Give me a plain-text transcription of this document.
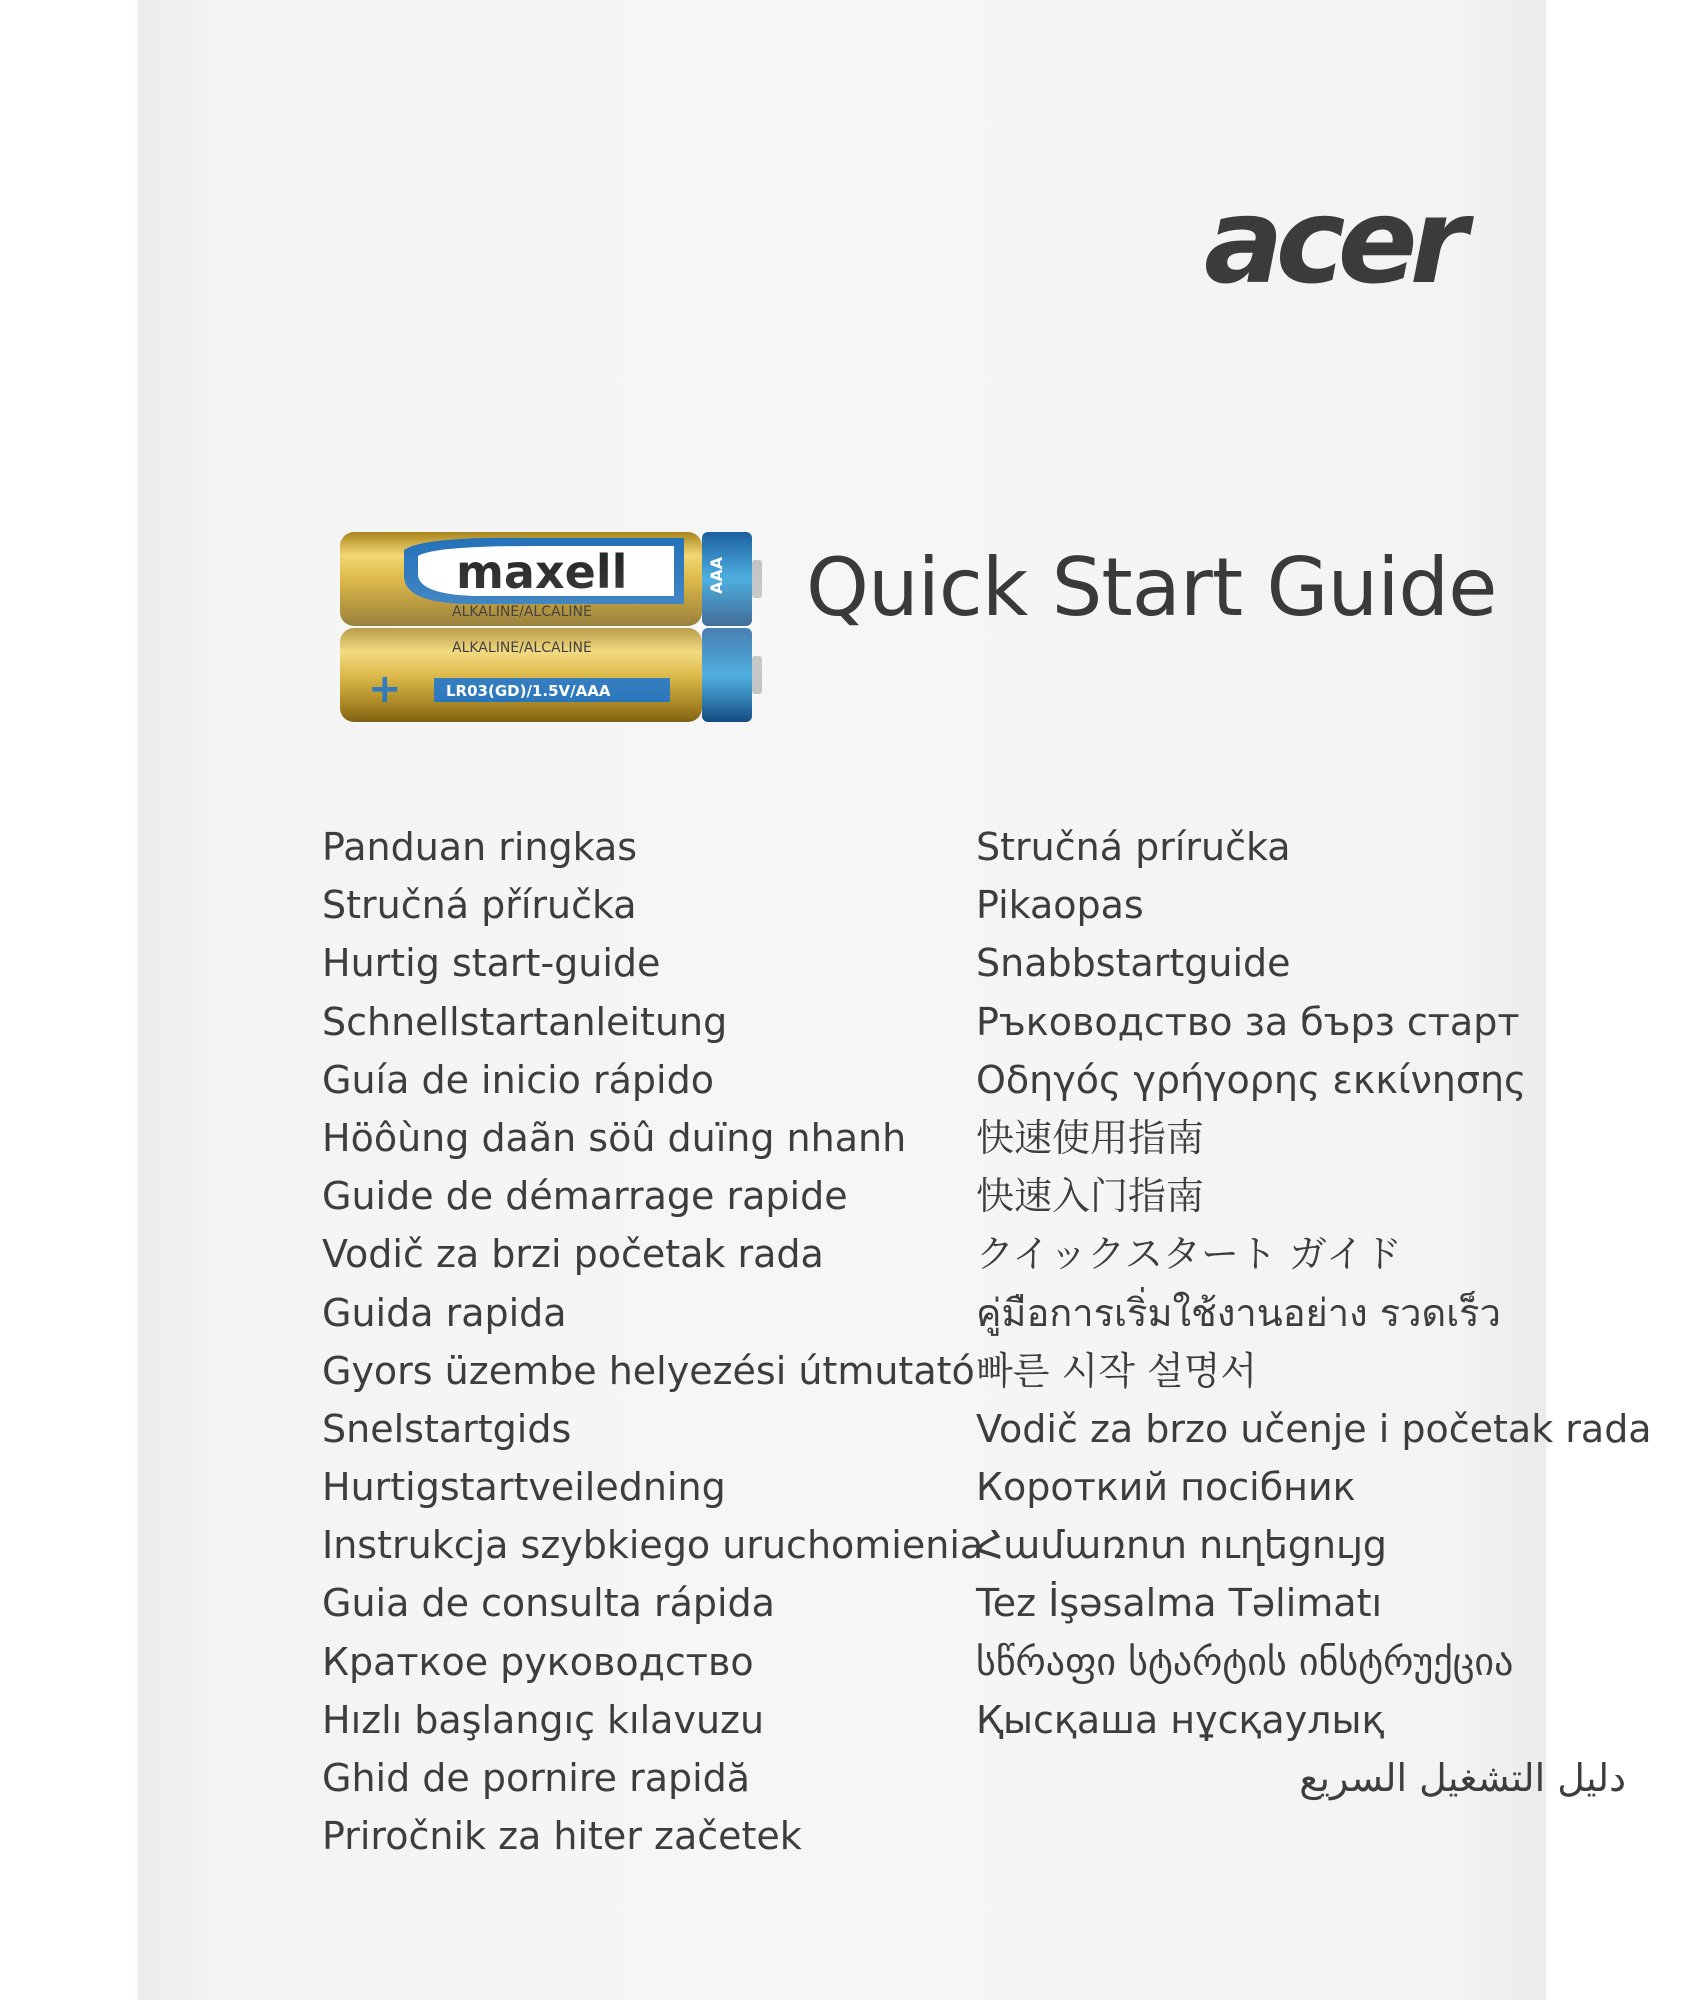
acer
Quick Start Guide
Panduan ringkas
Stručná příručka
Hurtig start-guide
Schnellstartanleitung
Guía de inicio rápido
Höôùng daãn söû duïng nhanh
Guide de démarrage rapide
Vodič za brzi početak rada
Guida rapida
Gyors üzembe helyezési útmutató
Snelstartgids
Hurtigstartveiledning
Instrukcja szybkiego uruchomienia
Guia de consulta rápida
Краткое руководство
Hızlı başlangıç kılavuzu
Ghid de pornire rapidă
Priročnik za hiter začetek
Stručná príručka
Pikaopas
Snabbstartguide
Ръководство за бърз старт
Οδηγός γρήγορης εκκίνησης
快速使用指南
快速入门指南
クイックスタート ガイド
คู่มือการเริ่มใช้งานอย่าง รวดเร็ว
빠른 시작 설명서
Vodič za brzo učenje i početak rada
Короткий посібник
Համառոտ ուղեցույց
Tez İşəsalma Təlimatı
სწრაფი სტარტის ინსტრუქცია
Қысқаша нұсқаулық
دليل التشغيل السريع
